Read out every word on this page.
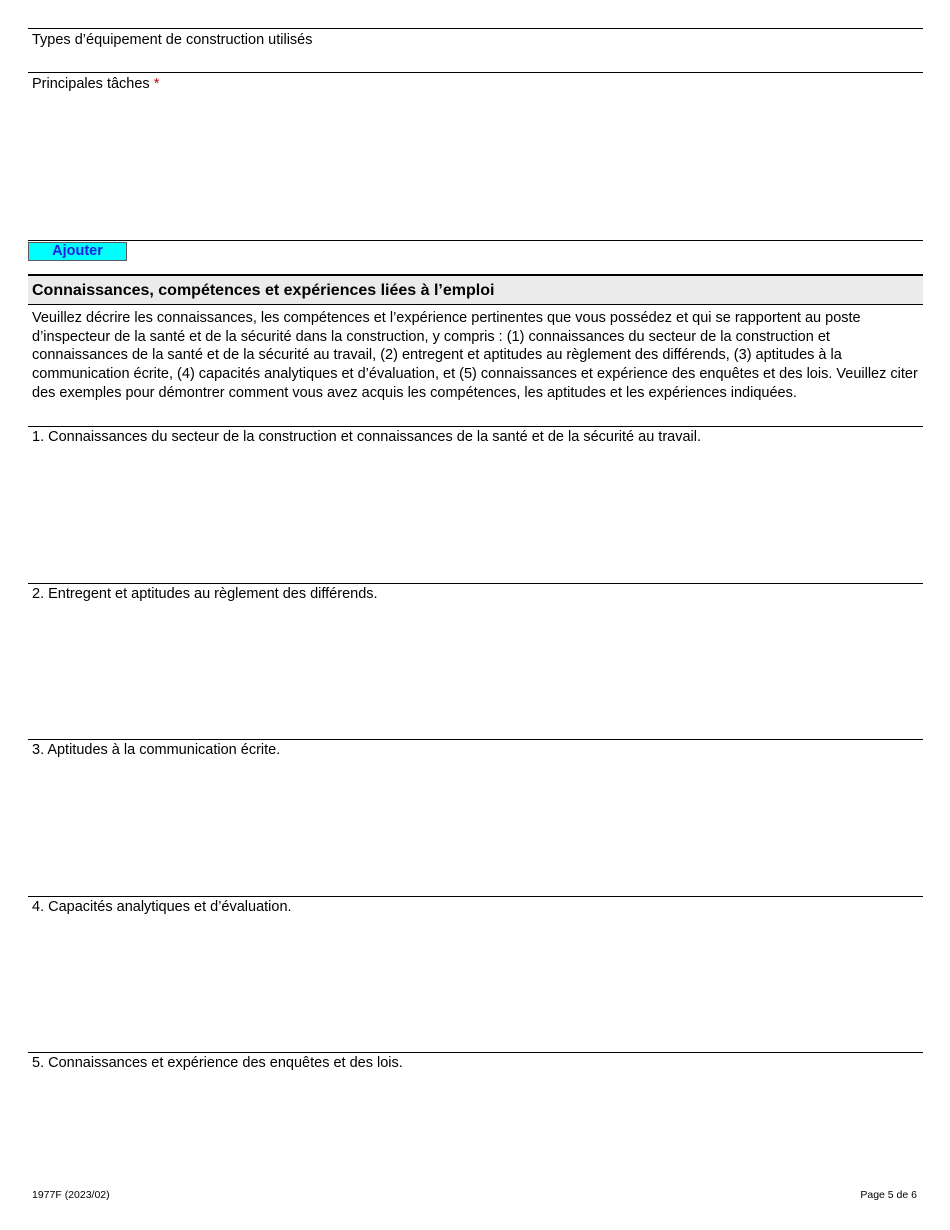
Types d’équipement de construction utilisés
Principales tâches *
Ajouter
Connaissances, compétences et expériences liées à l’emploi
Veuillez décrire les connaissances, les compétences et l’expérience pertinentes que vous possédez et qui se rapportent au poste d’inspecteur de la santé et de la sécurité dans la construction, y compris : (1) connaissances du secteur de la construction et connaissances de la santé et de la sécurité au travail, (2) entregent et aptitudes au règlement des différends, (3) aptitudes à la communication écrite, (4) capacités analytiques et d’évaluation, et (5) connaissances et expérience des enquêtes et des lois. Veuillez citer des exemples pour démontrer comment vous avez acquis les compétences, les aptitudes et les expériences indiquées.
1. Connaissances du secteur de la construction et connaissances de la santé et de la sécurité au travail.
2. Entregent et aptitudes au règlement des différends.
3. Aptitudes à la communication écrite.
4. Capacités analytiques et d’évaluation.
5. Connaissances et expérience des enquêtes et des lois.
1977F (2023/02)	Page 5 de 6
